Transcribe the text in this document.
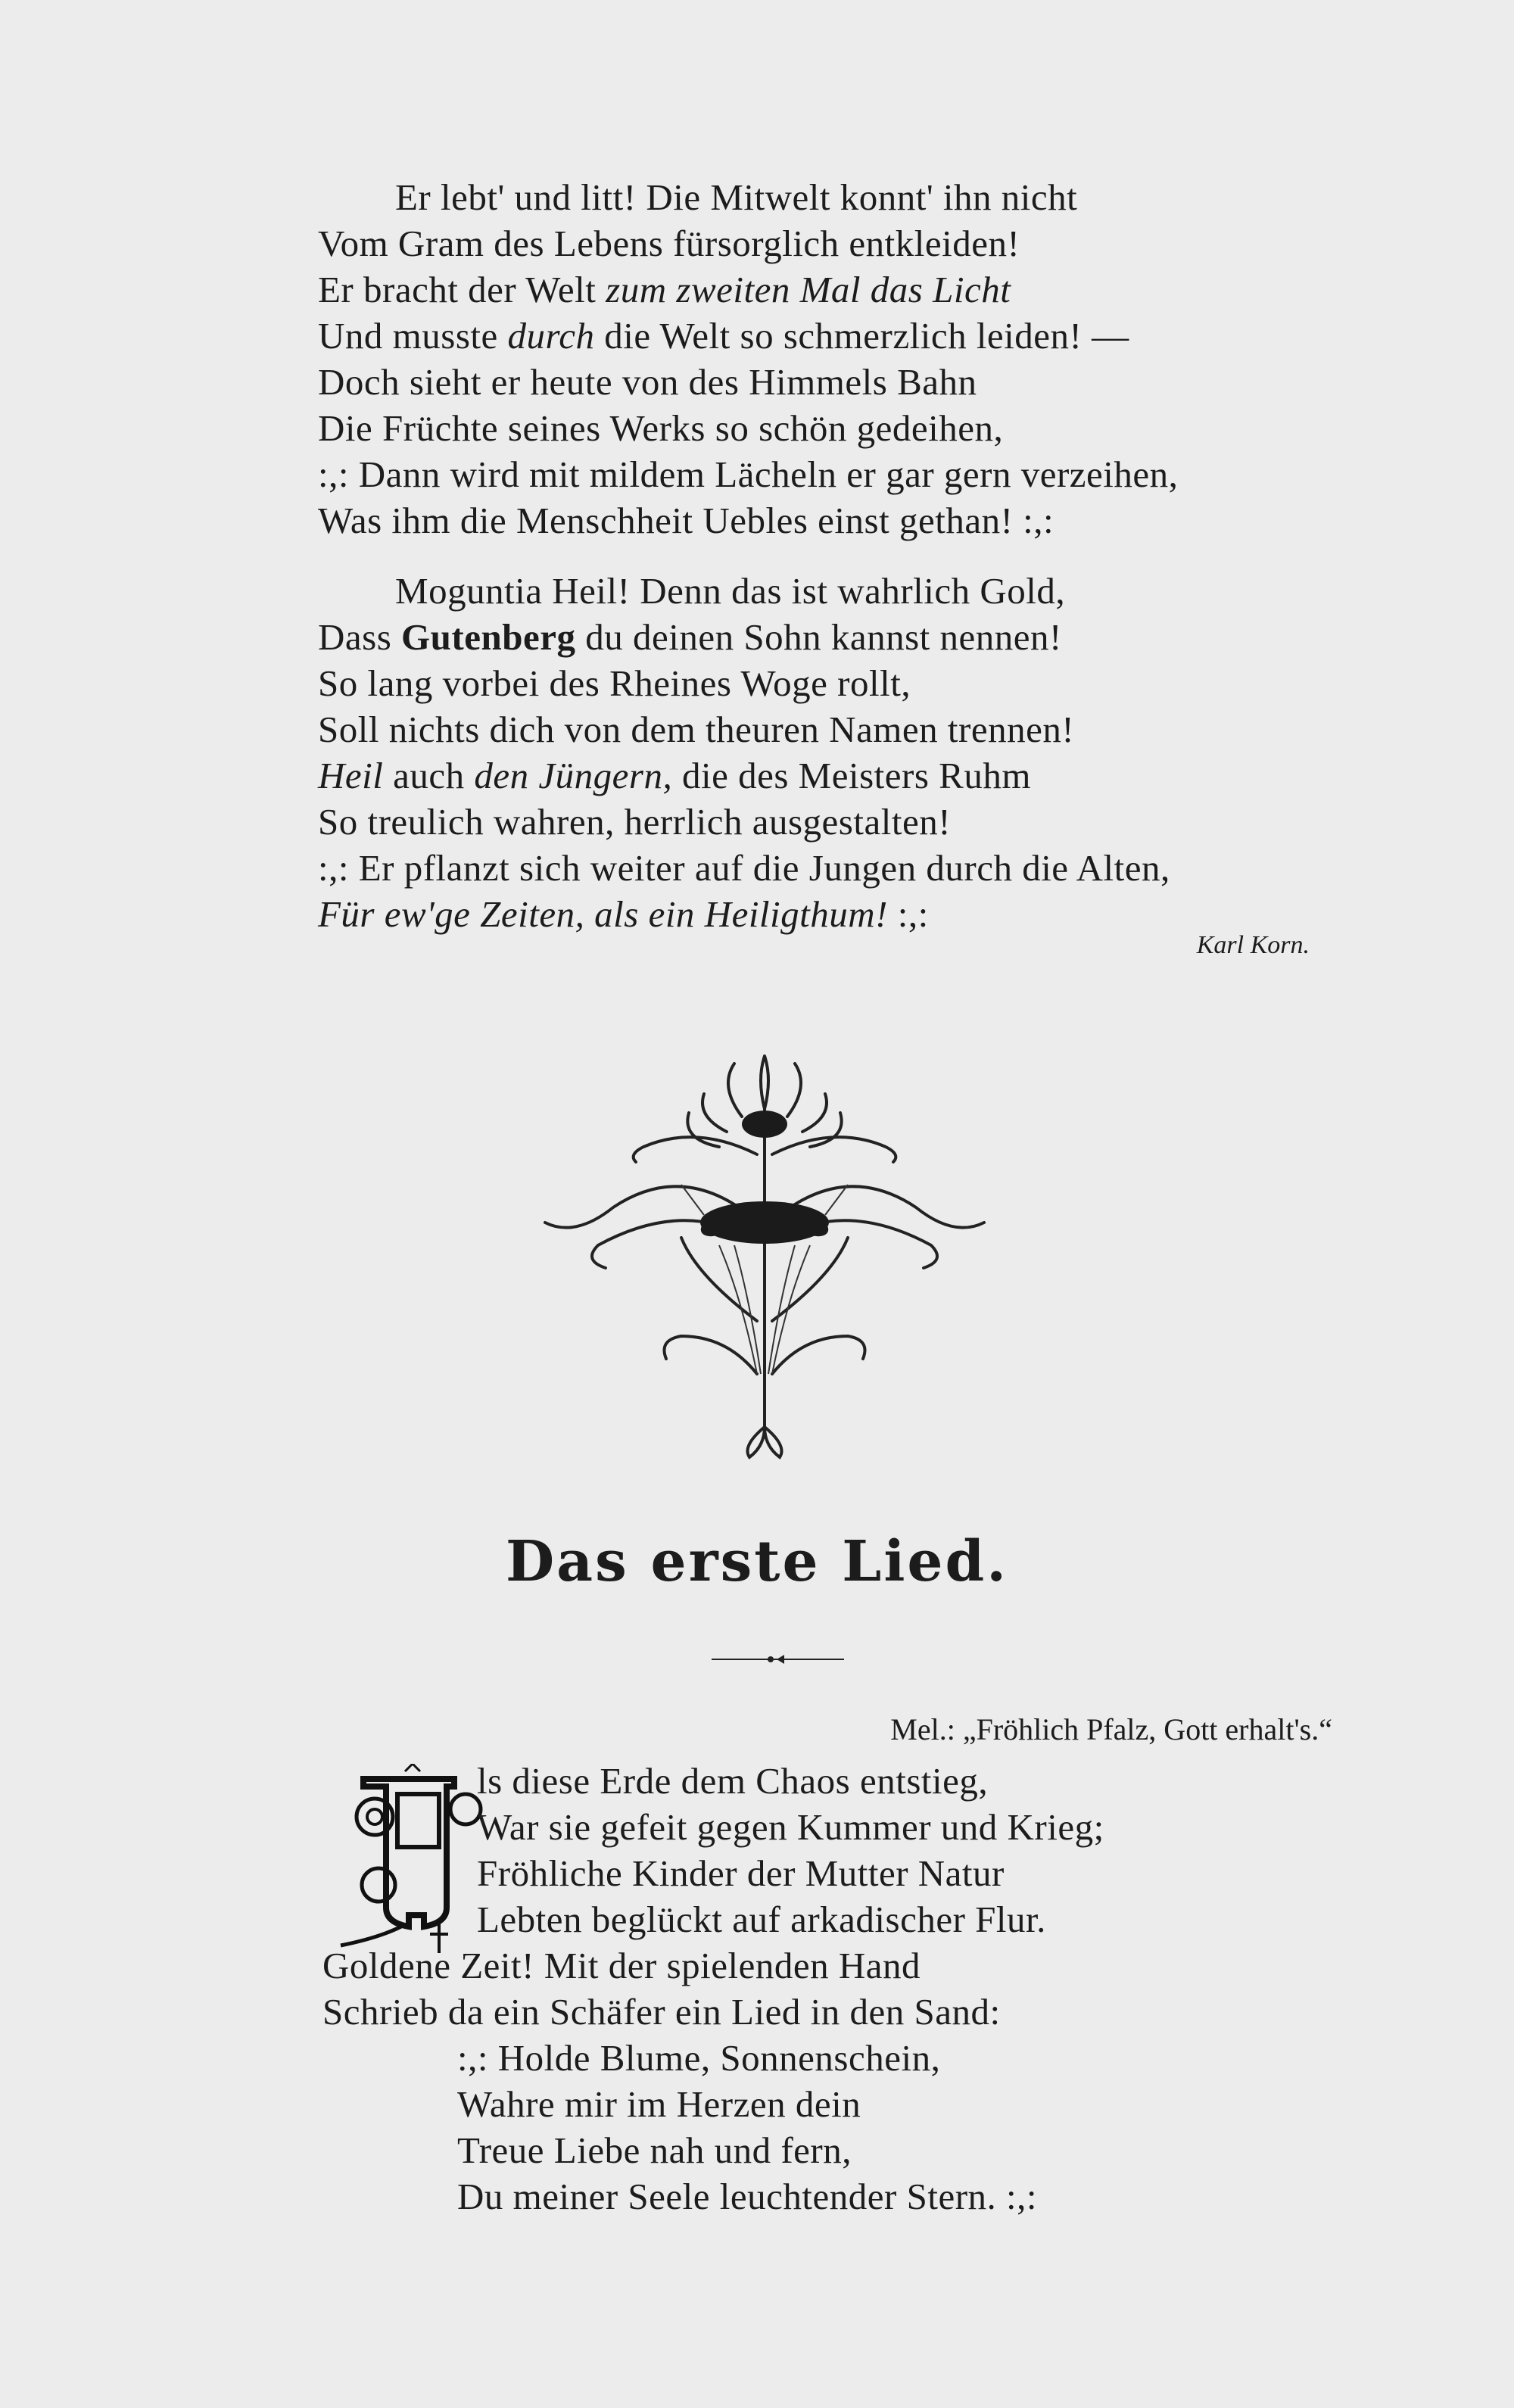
Er lebt' und litt! Die Mitwelt konnt' ihn nicht
Vom Gram des Lebens fürsorglich entkleiden!
Er bracht der Welt zum zweiten Mal das Licht
Und musste durch die Welt so schmerzlich leiden! —
Doch sieht er heute von des Himmels Bahn
Die Früchte seines Werks so schön gedeihen,
:,: Dann wird mit mildem Lächeln er gar gern verzeihen,
Was ihm die Menschheit Uebles einst gethan! :,:
Moguntia Heil! Denn das ist wahrlich Gold,
Dass Gutenberg du deinen Sohn kannst nennen!
So lang vorbei des Rheines Woge rollt,
Soll nichts dich von dem theuren Namen trennen!
Heil auch den Jüngern, die des Meisters Ruhm
So treulich wahren, herrlich ausgestalten!
:,: Er pflanzt sich weiter auf die Jungen durch die Alten,
Für ew'ge Zeiten, als ein Heiligthum! :,:
Karl Korn.
Das erste Lied.
Mel.: „Fröhlich Pfalz, Gott erhalt's.“
ls diese Erde dem Chaos entstieg,
War sie gefeit gegen Kummer und Krieg;
Fröhliche Kinder der Mutter Natur
Lebten beglückt auf arkadischer Flur.
Goldene Zeit! Mit der spielenden Hand
Schrieb da ein Schäfer ein Lied in den Sand:
:,: Holde Blume, Sonnenschein,
Wahre mir im Herzen dein
Treue Liebe nah und fern,
Du meiner Seele leuchtender Stern. :,:
